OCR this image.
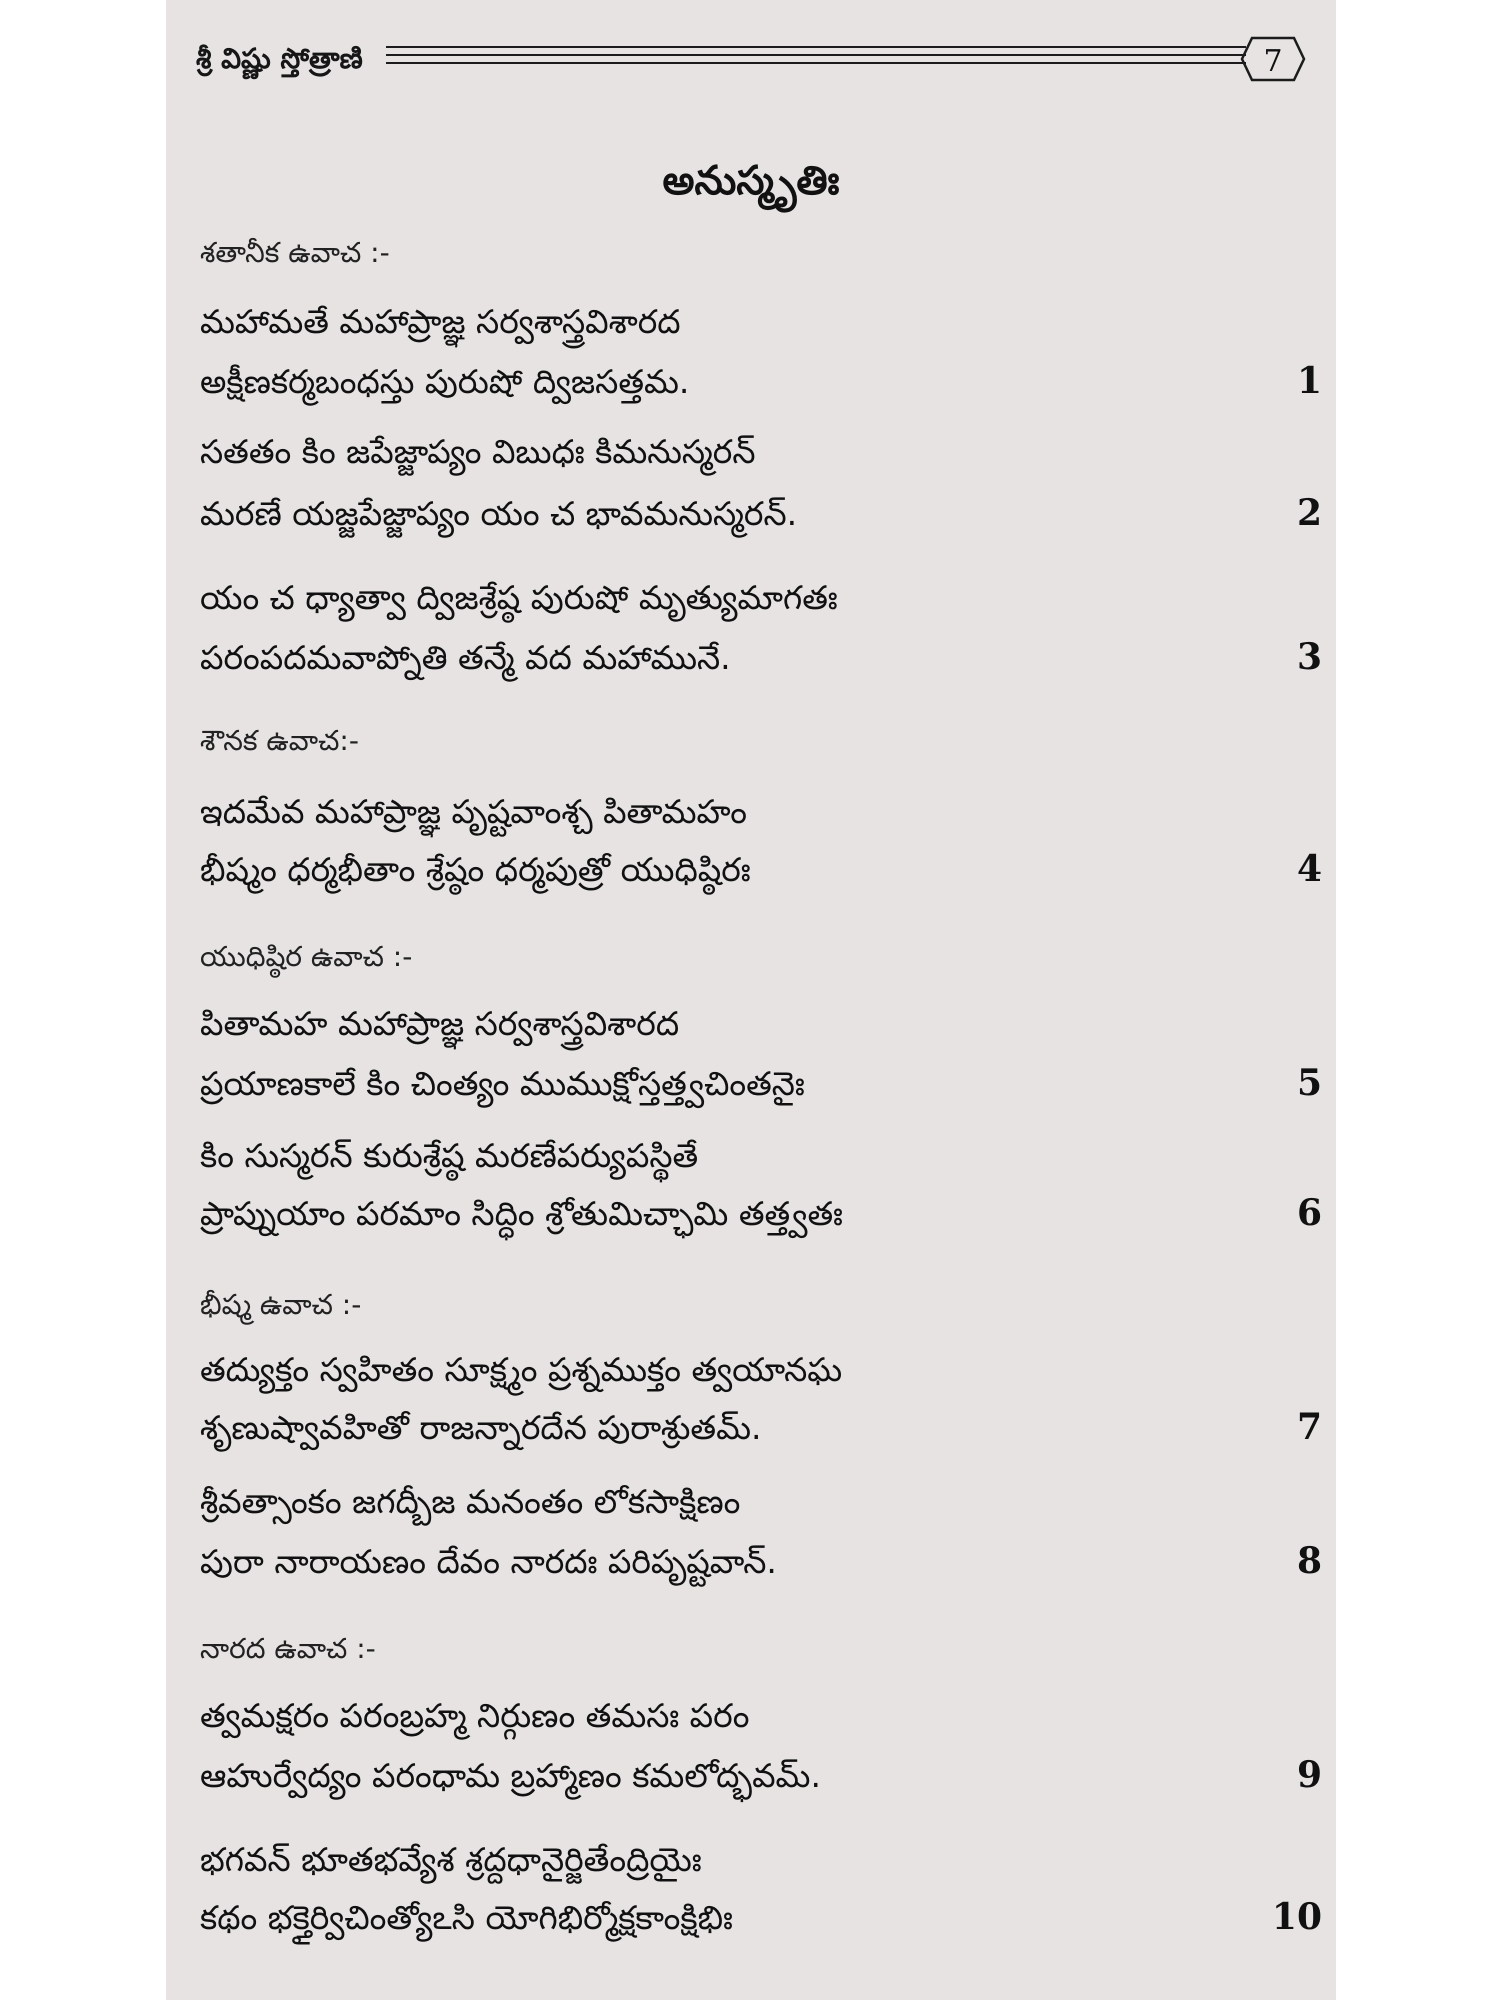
శ్రీ విష్ణు స్తోత్రాణి	7
అనుస్మృతిః
శతానీక ఉవాచ :-
మహామతే మహాప్రాజ్ఞ సర్వశాస్త్రవిశారద
అక్షీణకర్మబంధస్తు పురుషో ద్విజసత్తమ.	1
సతతం కిం జపేజ్జాప్యం విబుధః కిమనుస్మరన్
మరణే యజ్జపేజ్జాప్యం యం చ భావమనుస్మరన్.	2
యం చ ధ్యాత్వా ద్విజశ్రేష్ఠ పురుషో మృత్యుమాగతః
పరంపదమవాప్నోతి తన్మే వద మహామునే.	3
శౌనక ఉవాచ:-
ఇదమేవ మహాప్రాజ్ఞ పృష్టవాంశ్చ పితామహం
భీష్మం ధర్మభీతాం శ్రేష్ఠం ధర్మపుత్రో యుధిష్ఠిరః	4
యుధిష్ఠిర ఉవాచ :-
పితామహ మహాప్రాజ్ఞ సర్వశాస్త్రవిశారద
ప్రయాణకాలే కిం చింత్యం ముముక్షోస్తత్త్వచింతనైః	5
కిం సుస్మరన్ కురుశ్రేష్ఠ మరణేపర్యుపస్థితే
ప్రాప్నుయాం పరమాం సిద్ధిం శ్రోతుమిచ్ఛామి తత్త్వతః	6
భీష్మ ఉవాచ :-
తద్యుక్తం స్వహితం సూక్ష్మం ప్రశ్నముక్తం త్వయానఘ
శృణుష్వావహితో రాజన్నారదేన పురాశ్రుతమ్.	7
శ్రీవత్సాంకం జగద్బీజ మనంతం లోకసాక్షిణం
పురా నారాయణం దేవం నారదః పరిపృష్టవాన్.	8
నారద ఉవాచ :-
త్వమక్షరం పరంబ్రహ్మ నిర్గుణం తమసః పరం
ఆహుర్వేద్యం పరంధామ బ్రహ్మాణం కమలోద్భవమ్.	9
భగవన్ భూతభవ్యేశ శ్రద్దధానైర్జితేంద్రియైః
కథం భక్తైర్విచింత్యోఽసి యోగిభిర్మోక్షకాంక్షిభిః	10
